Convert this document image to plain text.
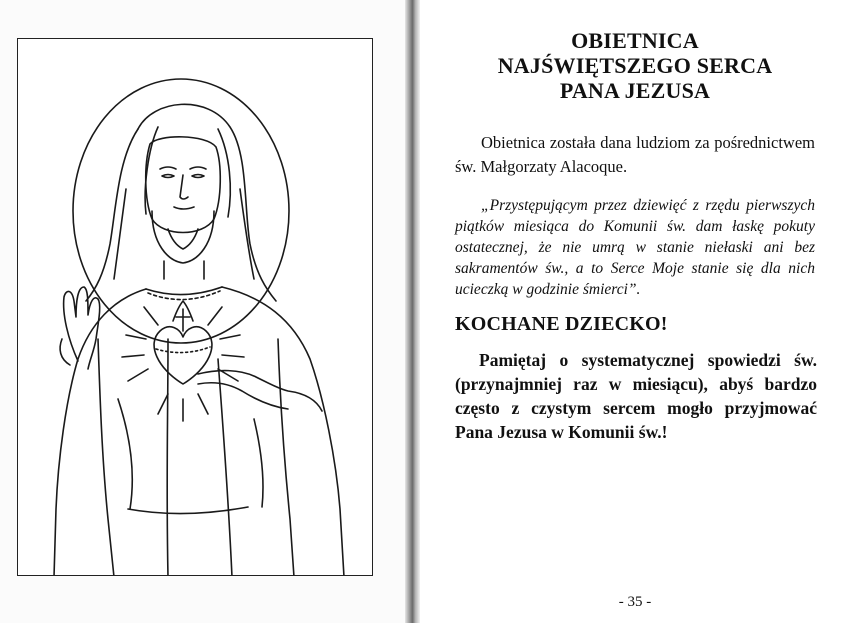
OBIETNICA
NAJŚWIĘTSZEGO SERCA
PANA JEZUSA

Obietnica została dana ludziom za pośrednictwem św. Małgorzaty Alacoque.

„Przystępującym przez dziewięć z rzędu pierwszych piątków miesiąca do Komunii św. dam łaskę pokuty ostatecznej, że nie umrą w stanie niełaski ani bez sakramentów św., a to Serce Moje stanie się dla nich ucieczką w godzinie śmierci”.

KOCHANE DZIECKO!

Pamiętaj o systematycznej spowiedzi św. (przynajmniej raz w miesiącu), abyś bardzo często z czystym sercem mogło przyjmować Pana Jezusa w Komunii św.!

- 35 -
